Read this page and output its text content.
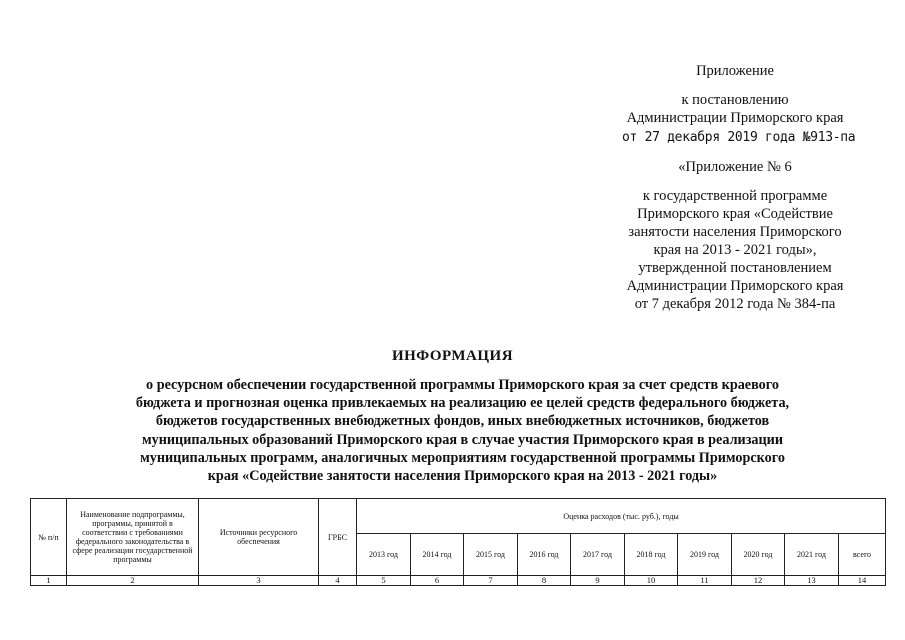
Приложение
к постановлению
Администрации Приморского края
от 27 декабря 2019 года №913-па
«Приложение № 6
к государственной программе
Приморского края «Содействие
занятости населения Приморского
края на 2013 - 2021 годы»,
утвержденной постановлением
Администрации Приморского края
от 7 декабря 2012 года № 384-па
ИНФОРМАЦИЯ
о ресурсном обеспечении государственной программы Приморского края за счет средств краевого
бюджета и прогнозная оценка привлекаемых на реализацию ее целей средств федерального бюджета,
бюджетов государственных внебюджетных фондов, иных внебюджетных источников, бюджетов
муниципальных образований Приморского края в случае участия Приморского края в реализации
муниципальных программ, аналогичных мероприятиям государственной программы Приморского
края «Содействие занятости населения Приморского края на 2013 - 2021 годы»
№ п/п	Наименование подпрограммы, программы, принятой в соответствии с требованиями федерального законодательства в сфере реализации государственной программы	Источники ресурсного обеспечения	ГРБС	Оценка расходов (тыс. руб.), годы									
				2013 год	2014 год	2015 год	2016 год	2017 год	2018 год	2019 год	2020 год	2021 год	всего
1	2	3	4	5	6	7	8	9	10	11	12	13	14
